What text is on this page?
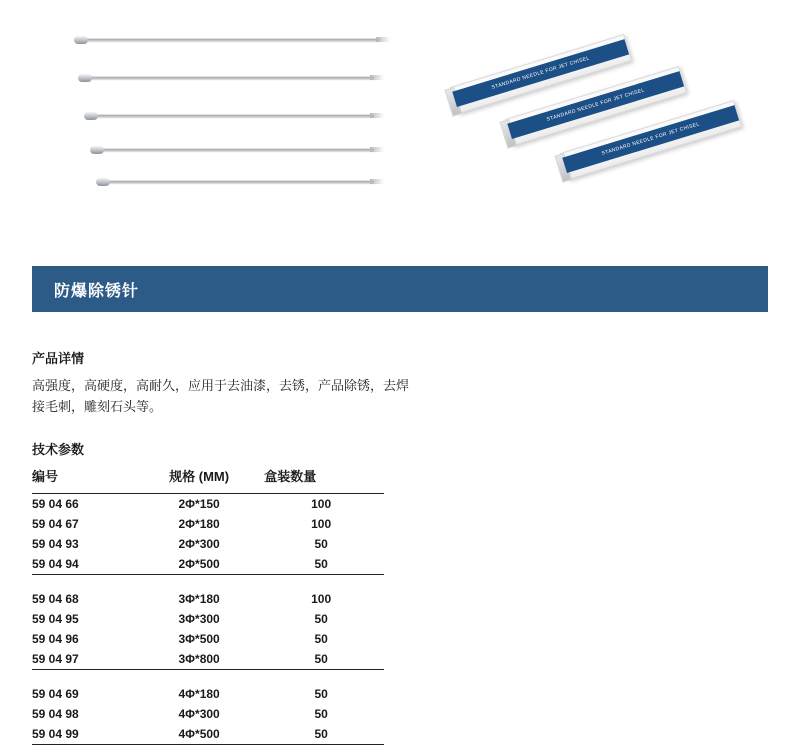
STANDARD NEEDLE FOR JET CHISEL
STANDARD NEEDLE FOR JET CHISEL
STANDARD NEEDLE FOR JET CHISEL
防爆除锈针
产品详情

高强度，高硬度，高耐久，应用于去油漆，去锈，产品除锈，去焊

接毛刺，雕刻石头等。

技术参数
编号	规格 (MM)	盒装数量
59 04 66	2Φ*150	100
59 04 67	2Φ*180	100
59 04 93	2Φ*300	50
59 04 94	2Φ*500	50

59 04 68	3Φ*180	100
59 04 95	3Φ*300	50
59 04 96	3Φ*500	50
59 04 97	3Φ*800	50

59 04 69	4Φ*180	50
59 04 98	4Φ*300	50
59 04 99	4Φ*500	50
